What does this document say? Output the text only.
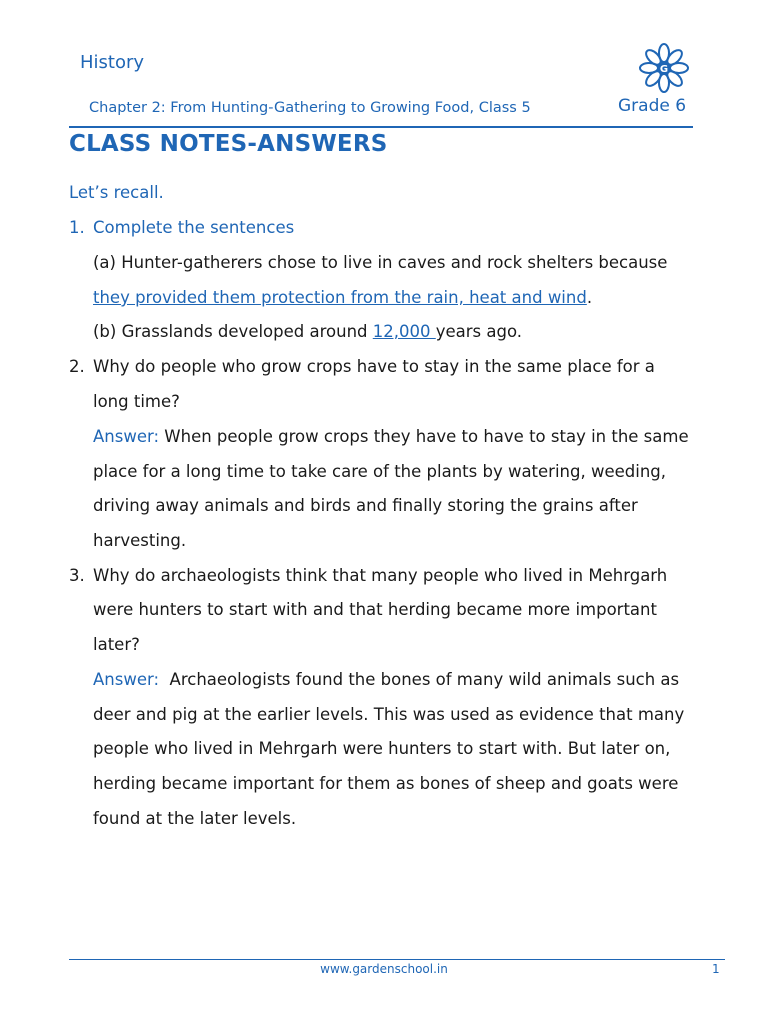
History
Chapter 2: From Hunting-Gathering to Growing Food, Class 5	Grade 6
G
CLASS NOTES-ANSWERS
Let’s recall.
1. Complete the sentences
(a) Hunter-gatherers chose to live in caves and rock shelters because
they provided them protection from the rain, heat and wind.
(b) Grasslands developed around 12,000 years ago.
2. Why do people who grow crops have to stay in the same place for a
long time?
Answer: When people grow crops they have to have to stay in the same
place for a long time to take care of the plants by watering, weeding,
driving away animals and birds and finally storing the grains after
harvesting.
3. Why do archaeologists think that many people who lived in Mehrgarh
were hunters to start with and that herding became more important
later?
Answer:  Archaeologists found the bones of many wild animals such as
deer and pig at the earlier levels. This was used as evidence that many
people who lived in Mehrgarh were hunters to start with. But later on,
herding became important for them as bones of sheep and goats were
found at the later levels.
www.gardenschool.in	1
